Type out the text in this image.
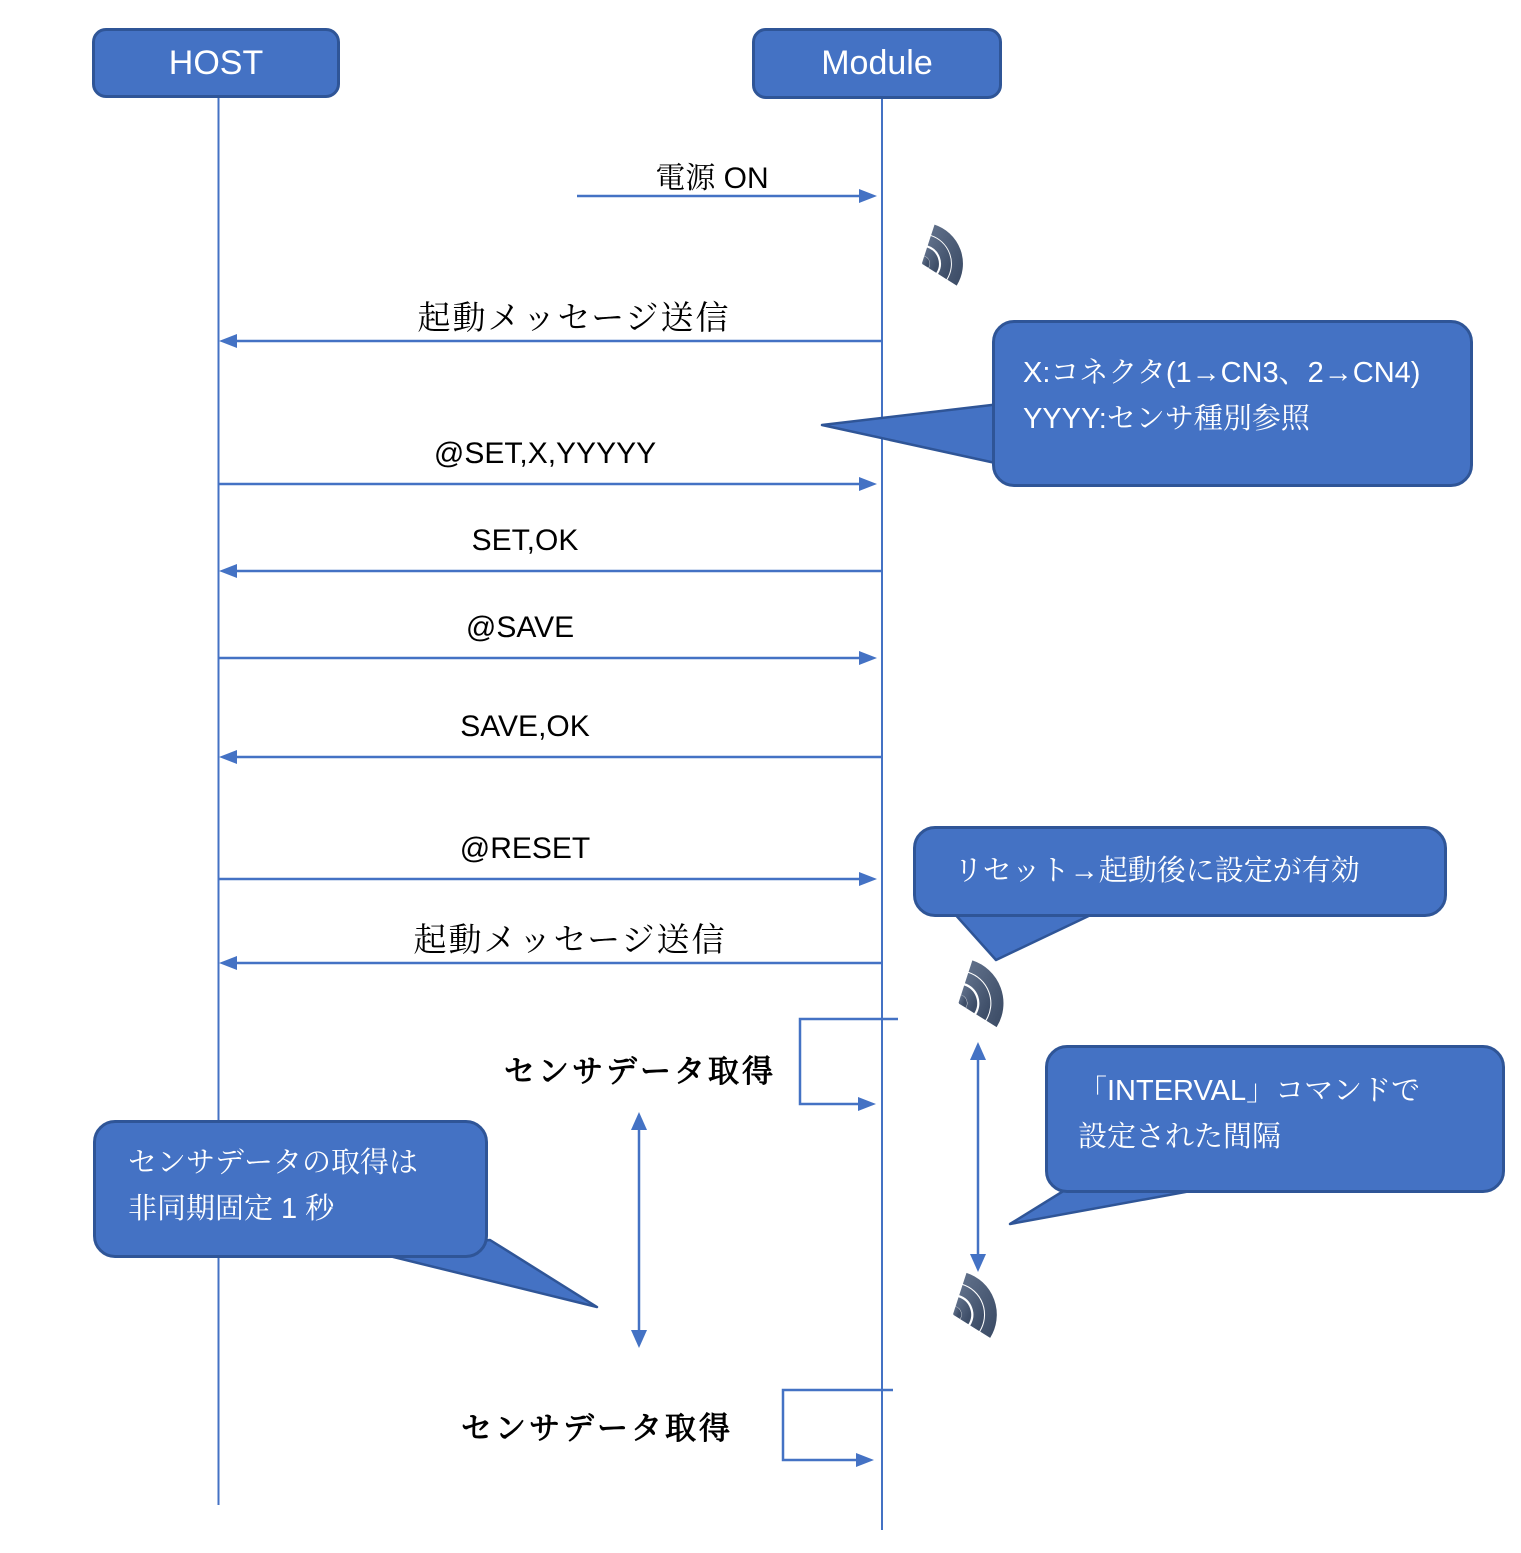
HOST	Module
電源 ON
起動メッセージ送信
@SET,X,YYYYY
SET,OK
@SAVE
SAVE,OK
@RESET
起動メッセージ送信
センサデータ取得
センサデータ取得
X:コネクタ(1→CN3、2→CN4)
YYYY:センサ種別参照
リセット→起動後に設定が有効
「INTERVAL」コマンドで
設定された間隔
センサデータの取得は
非同期固定 1 秒
